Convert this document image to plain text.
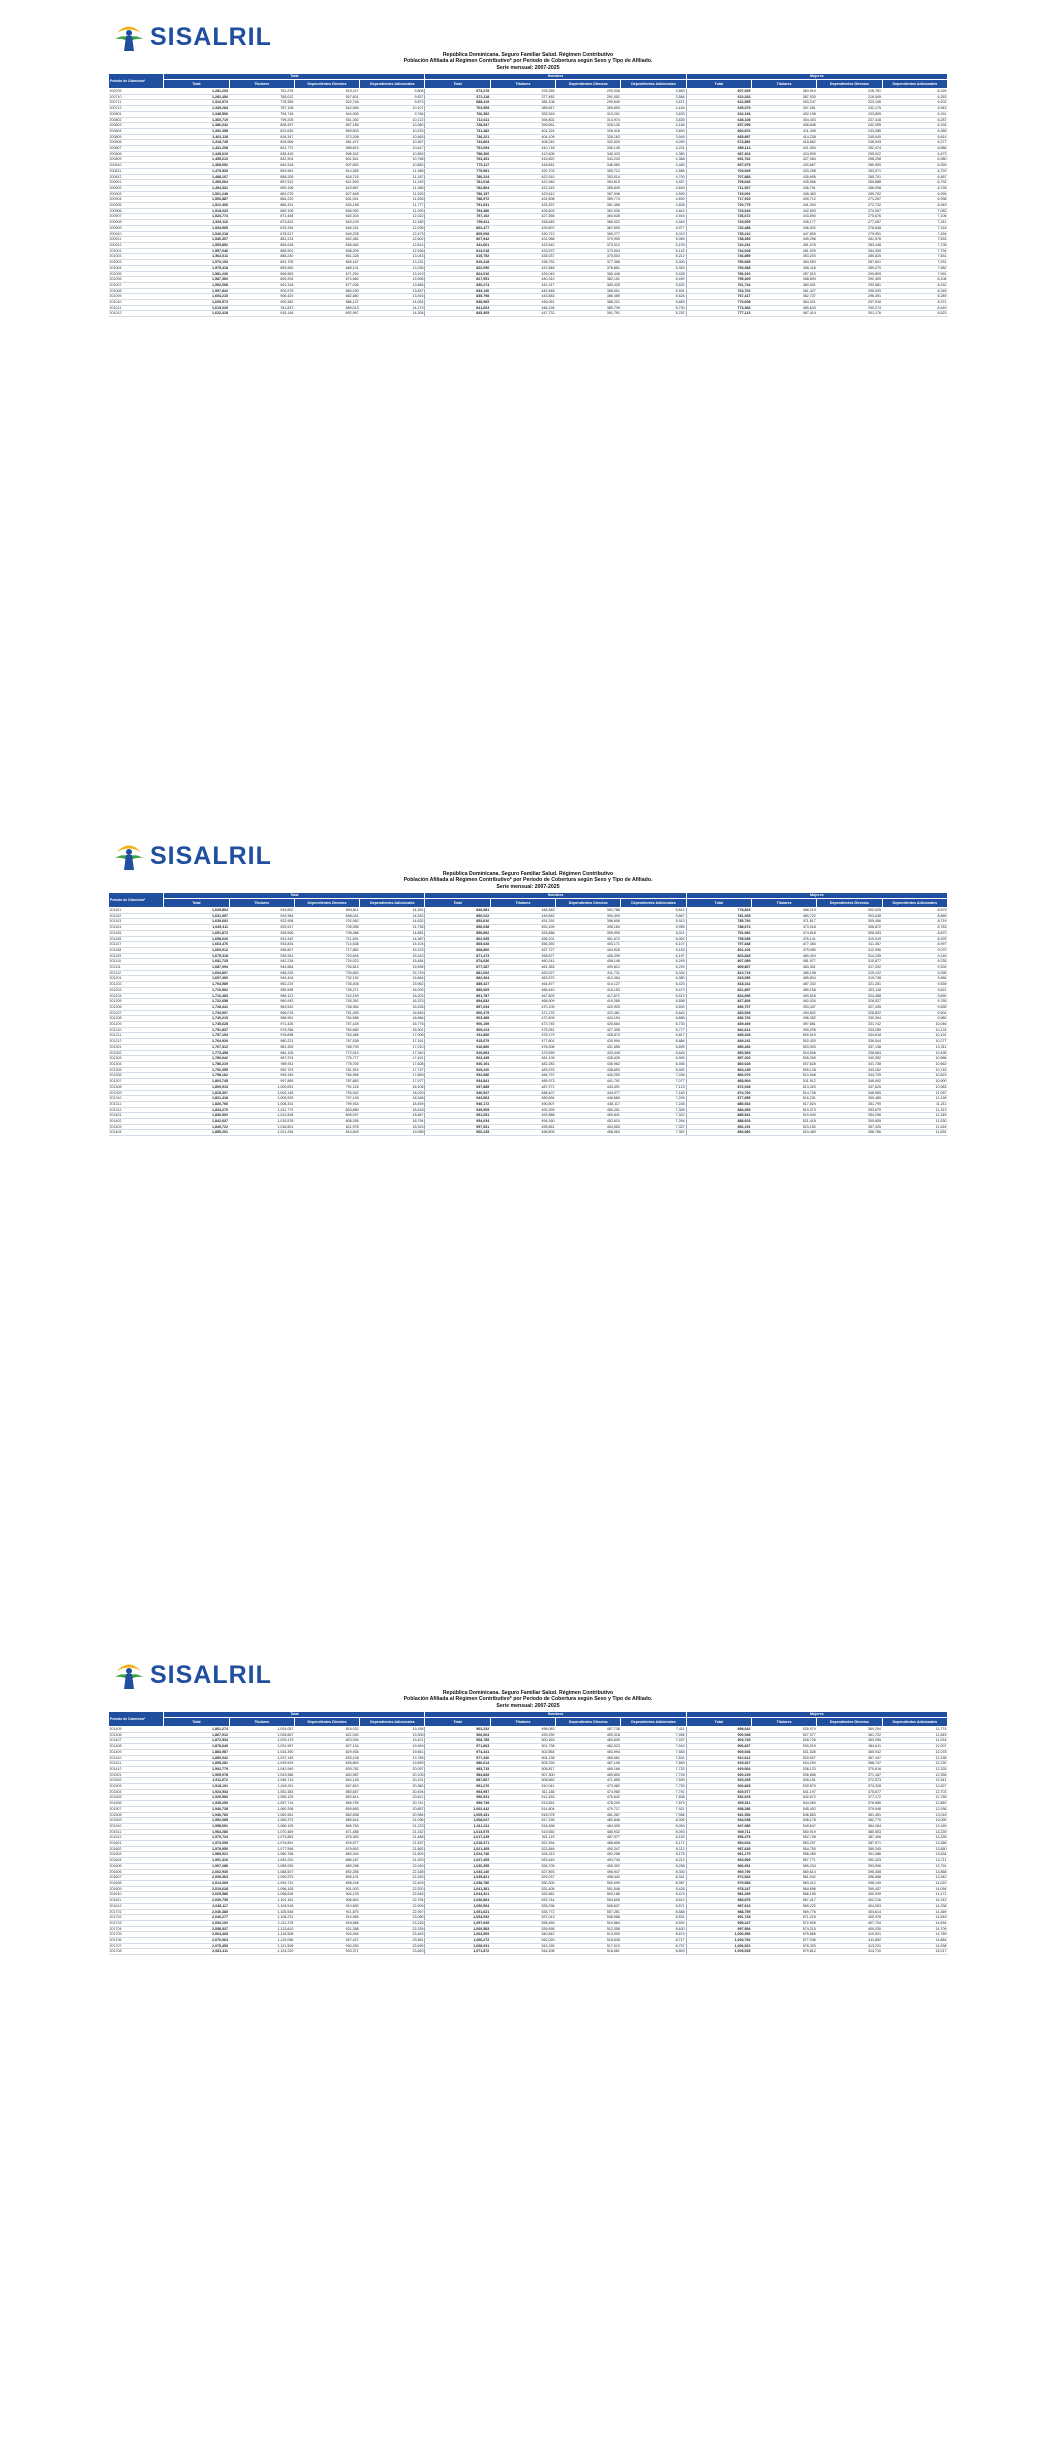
SISALRIL
República Dominicana. Seguro Familiar Salud. Régimen Contributivo
Población Afiliada al Régimen Contributivo* por Período de Cobertura según Sexo y Tipo de Afiliado.
Serie mensual: 2007-2025
Periodo de Cobertura*	Total				Hombres				Mujeres			
	Total	Titulares	Dependientes Directos	Dependientes Adicionales	Total	Titulares	Dependientes Directos	Dependientes Adicionales	Total	Titulares	Dependientes Directos	Dependientes Adicionales
200709	1,281,203	761,278	510,117	9,808	673,278	376,359	293,336	3,583	607,925	384,919	216,781	6,225
200710	1,282,450	765,012	507,601	9,837	672,118	377,482	291,052	3,584	610,332	387,530	216,549	6,253
200711	1,310,974	778,355	522,746	9,873	688,419	385,108	299,640	3,671	622,555	393,247	223,106	6,202
200712	1,339,284	787,108	542,069	10,107	703,905	389,847	309,894	4,164	635,379	397,261	232,175	5,943
200801	1,348,506	794,716	544,006	9,784	706,352	392,518	310,201	3,633	642,154	402,198	233,805	6,151
200802	1,360,719	799,205	551,392	10,122	712,611	394,802	313,974	3,835	648,108	404,403	237,418	6,287
200803	1,386,042	808,497	567,185	10,360	728,947	399,651	325,130	4,166	657,095	408,846	242,055	6,194
200804	1,392,358	812,630	569,503	10,225	731,482	401,224	326,418	3,840	660,876	411,406	243,085	6,385
200805	1,402,118	818,347	573,208	10,563	736,221	404,109	328,163	3,949	665,897	414,238	245,045	6,614
200806	1,418,745	826,906	581,472	10,367	744,863	408,244	332,529	4,090	673,882	418,662	248,943	6,277
200807	1,431,208	831,772	588,619	10,817	751,094	410,718	336,145	4,231	680,114	421,054	252,474	6,586
200808	1,445,610	838,415	596,342	10,853	758,306	413,506	340,420	4,380	687,304	424,909	255,922	6,473
200809	1,455,213	842,904	601,541	10,768	763,451	415,820	343,243	4,388	691,762	427,084	258,298	6,380
200810	1,468,092	849,318	607,892	10,882	770,117	418,651	346,983	4,483	697,975	430,667	260,909	6,399
200811	1,479,530	853,961	614,283	11,286	775,981	420,703	350,712	4,566	703,549	433,258	263,571	6,720
200812	1,488,107	858,205	618,715	11,187	780,224	422,510	353,014	4,700	707,883	435,695	265,701	6,487
200901	1,490,664	857,912	621,503	11,249	781,018	421,946	354,615	4,457	709,646	435,966	266,888	6,792
200902	1,494,331	859,106	623,857	11,368	782,804	422,315	355,849	4,640	711,527	436,791	268,008	6,728
200903	1,501,248	862,075	627,648	11,525	786,157	423,612	357,946	4,599	715,091	438,463	269,702	6,926
200904	1,506,887	864,220	631,041	11,626	788,972	424,508	359,774	4,690	717,915	439,712	271,267	6,936
200905	1,512,406	866,431	634,198	11,777	791,631	425,337	361,466	4,828	720,775	441,094	272,732	6,949
200906	1,518,023	869,106	636,992	11,925	794,380	426,603	362,935	4,842	723,643	442,503	274,057	7,083
200907	1,523,774	871,448	640,304	12,022	797,102	427,558	364,628	4,916	726,672	443,890	275,676	7,106
200908	1,529,116	873,822	643,109	12,185	799,611	428,645	366,022	4,944	729,505	445,177	277,087	7,241
200909	1,534,965	876,339	646,331	12,295	802,477	429,807	367,693	4,977	732,488	446,532	278,638	7,318
200910	1,540,218	878,517	649,228	12,473	805,008	430,712	369,277	5,019	735,210	447,805	279,951	7,454
200911	1,546,307	881,224	652,481	12,602	807,942	431,968	370,905	5,069	738,365	449,256	281,576	7,533
200912	1,553,892	884,618	656,460	12,814	811,661	433,540	373,012	5,109	742,231	451,078	283,448	7,705
201001	1,557,046	885,901	658,209	12,936	813,018	433,972	373,904	5,142	744,028	451,929	284,305	7,794
201002	1,562,611	888,240	661,328	13,043	815,752	435,037	375,503	5,212	746,859	453,203	285,825	7,831
201003	1,570,103	891,705	665,167	13,231	819,418	436,752	377,366	5,300	750,685	454,953	287,801	7,931
201004	1,575,418	893,962	668,121	13,335	822,050	437,846	378,851	5,353	753,368	456,116	289,270	7,982
201005	1,581,226	896,553	671,254	13,419	824,916	439,043	380,445	5,428	756,310	457,510	290,809	7,991
201006	1,587,360	899,204	674,560	13,596	827,951	440,310	382,151	5,490	759,409	458,894	292,409	8,106
201007	1,592,008	901,318	677,006	13,684	830,274	441,317	383,425	5,532	761,734	460,001	293,581	8,152
201008	1,597,842	903,975	680,030	13,837	833,140	442,548	385,001	5,591	764,702	461,427	295,029	8,246
201009	1,603,215	906,420	682,880	13,915	835,798	443,683	386,489	5,626	767,417	462,737	296,391	8,289
201010	1,609,573	909,382	686,137	14,054	838,965	445,061	388,221	5,683	770,608	464,321	297,916	8,371
201011	1,615,029	911,837	689,013	14,179	841,663	446,194	389,739	5,730	773,366	465,643	299,274	8,449
201012	1,622,418	915,146	692,967	14,305	845,305	447,732	391,791	5,782	777,113	467,414	301,176	8,523
SISALRIL
República Dominicana. Seguro Familiar Salud. Régimen Contributivo
Población Afiliada al Régimen Contributivo* por Período de Cobertura según Sexo y Tipo de Afiliado.
Serie mensual: 2007-2025
Periodo de Cobertura*	Total				Hombres				Mujeres			
	Total	Titulares	Dependientes Directos	Dependientes Adicionales	Total	Titulares	Dependientes Directos	Dependientes Adicionales	Total	Titulares	Dependientes Directos	Dependientes Adicionales
201101	1,625,804	916,602	694,811	14,391	846,981	448,383	392,786	5,812	778,823	468,219	302,025	8,579
201102	1,631,957	919,384	698,041	14,532	850,022	449,662	394,493	5,867	781,935	469,722	303,548	8,665
201103	1,639,602	922,908	702,062	14,632	853,810	451,291	396,606	5,913	785,792	471,617	305,456	8,719
201104	1,645,311	925,517	705,056	14,738	856,638	452,499	398,184	5,955	788,673	473,018	306,872	8,783
201105	1,651,873	928,506	708,486	14,881	859,892	453,888	399,993	6,011	791,981	474,618	308,493	8,870
201106	1,658,020	931,342	711,691	14,987	862,935	455,201	401,672	6,062	795,085	476,141	310,019	8,925
201107	1,663,476	933,834	714,538	15,104	865,628	456,350	403,171	6,107	797,848	477,484	311,367	8,997
201108	1,669,912	936,807	717,882	15,223	868,806	457,727	404,926	6,153	801,106	479,080	312,956	9,070
201109	1,675,318	939,281	720,694	15,343	871,473	458,877	406,399	6,197	803,845	480,404	314,295	9,146
201110	1,681,725	942,218	724,023	15,484	874,636	460,241	408,146	6,249	807,089	481,977	315,877	9,235
201111	1,687,094	944,684	726,814	15,596	877,287	461,383	409,612	6,292	809,807	483,301	317,202	9,304
201112	1,694,807	948,225	730,853	15,729	881,092	463,027	411,731	6,334	813,715	485,198	319,122	9,395
201201	1,697,460	949,404	732,192	15,864	882,404	463,570	412,454	6,380	815,056	485,834	319,738	9,484
201202	1,703,589	952,219	735,408	15,962	885,427	464,877	414,127	6,423	818,162	487,342	321,281	9,539
201203	1,710,962	955,598	739,271	16,093	889,065	466,440	416,153	6,472	821,897	489,158	323,118	9,621
201204	1,716,483	958,121	742,159	16,203	891,787	467,603	417,671	6,513	824,696	490,518	324,488	9,690
201205	1,722,658	960,943	745,392	16,323	894,832	468,909	419,365	6,558	827,826	492,034	326,027	9,765
201206	1,728,341	963,542	748,364	16,435	897,634	470,105	420,929	6,600	830,707	493,437	327,435	9,835
201207	1,733,907	966,078	751,283	16,546	900,379	471,276	422,461	6,642	833,528	494,802	328,822	9,904
201208	1,740,215	968,961	754,588	16,666	903,489	472,609	424,194	6,686	836,726	496,352	330,394	9,980
201209	1,745,628	971,426	757,426	16,776	906,159	473,745	425,684	6,730	839,469	497,681	331,742	10,046
201210	1,751,837	974,256	760,680	16,901	909,223	475,051	427,395	6,777	842,614	499,205	333,285	10,124
201211	1,757,194	976,698	763,488	17,008	911,866	476,179	428,870	6,817	845,328	500,519	334,618	10,191
201212	1,764,920	980,221	767,538	17,161	915,679	477,801	430,994	6,884	849,241	502,420	336,544	10,277
201301	1,767,312	981,309	768,793	17,210	916,860	478,306	431,655	6,899	850,452	503,003	337,138	10,311
201302	1,773,458	984,105	772,013	17,340	919,893	479,599	433,449	6,845	853,565	504,506	338,564	10,495
201303	1,780,642	987,374	775,777	17,491	923,439	481,109	435,425	6,905	857,203	506,265	340,352	10,586
201304	1,786,219	989,911	778,700	17,608	926,191	482,283	436,962	6,946	860,028	507,628	341,738	10,662
201305	1,792,355	992,703	781,915	17,737	929,220	483,575	438,653	6,992	863,135	509,128	343,262	10,745
201306	1,798,162	995,345	784,958	17,859	932,086	484,797	440,253	7,036	866,076	510,548	344,705	10,823
201307	1,803,745	997,885	787,883	17,977	934,841	485,973	441,791	7,077	868,904	511,912	346,092	10,900
201308	1,809,913	1,000,691	791,116	18,106	937,885	487,271	443,491	7,123	872,028	513,420	347,625	10,983
201309	1,815,307	1,003,145	793,942	18,220	940,547	488,407	444,977	7,163	874,760	514,738	348,965	11,057
201310	1,821,418	1,005,925	797,145	18,348	943,563	489,694	446,660	7,209	877,855	516,231	350,485	11,139
201311	1,826,706	1,008,331	799,916	18,459	946,172	490,807	448,117	7,248	880,534	517,524	351,799	11,211
201312	1,834,270	1,011,772	803,880	18,618	949,905	492,399	450,201	7,305	884,365	519,373	353,679	11,313
201401	1,836,592	1,012,828	805,097	18,667	951,051	492,888	450,841	7,322	885,541	519,940	354,256	11,345
201402	1,842,637	1,015,578	808,265	18,794	954,034	494,160	452,610	7,264	888,603	521,418	355,655	11,530
201403	1,849,722	1,018,801	811,978	18,943	957,531	495,651	454,553	7,327	892,191	523,150	357,425	11,616
201404	1,855,201	1,021,294	814,849	19,058	960,235	496,805	456,063	7,367	894,966	524,489	358,786	11,691
SISALRIL
República Dominicana. Seguro Familiar Salud. Régimen Contributivo
Población Afiliada al Régimen Contributivo* por Período de Cobertura según Sexo y Tipo de Afiliado.
Serie mensual: 2007-2025
Periodo de Cobertura*	Total				Hombres				Mujeres			
	Total	Titulares	Dependientes Directos	Dependientes Adicionales	Total	Titulares	Dependientes Directos	Dependientes Adicionales	Total	Titulares	Dependientes Directos	Dependientes Adicionales
201405	1,861,274	1,024,057	818,032	19,185	963,232	498,083	457,738	7,411	898,042	525,974	360,294	11,774
201406	1,867,012	1,026,667	821,040	19,305	966,064	499,290	459,318	7,456	900,948	527,377	361,722	11,849
201407	1,872,534	1,029,179	823,934	19,421	968,789	500,453	460,839	7,497	903,745	528,726	363,095	11,924
201408	1,878,640	1,031,957	827,134	19,549	971,803	501,738	462,523	7,542	906,837	530,219	364,611	12,007
201409	1,883,987	1,034,390	829,936	19,661	974,441	502,864	463,994	7,583	909,546	531,526	365,942	12,078
201410	1,890,042	1,037,145	833,108	19,789	977,430	504,138	465,661	7,631	912,612	533,007	367,447	12,158
201411	1,895,281	1,039,529	835,853	19,899	980,014	505,239	467,106	7,669	915,267	534,290	368,747	12,230
201412	1,902,779	1,042,940	839,782	20,057	983,715	506,817	469,166	7,732	919,064	536,123	370,616	12,325
201501	1,905,078	1,043,986	840,987	20,105	984,849	507,300	469,800	7,749	920,229	536,686	371,187	12,356
201502	1,911,072	1,046,713	844,128	20,231	987,807	508,562	471,555	7,690	923,265	538,151	372,573	12,541
201503	1,918,101	1,049,911	847,810	20,380	991,276	510,041	473,482	7,753	926,825	539,870	374,328	12,627
201504	1,923,534	1,052,383	850,657	20,494	993,957	511,186	474,980	7,791	929,577	541,197	375,677	12,703
201505	1,929,560	1,055,125	853,814	20,621	996,931	512,453	476,642	7,836	932,629	542,672	377,172	12,785
201506	1,935,250	1,057,714	856,795	20,741	999,739	513,651	478,209	7,879	935,511	544,063	378,586	12,862
201507	1,940,728	1,060,206	859,665	20,857	1,002,442	514,804	479,717	7,921	938,286	545,402	379,948	12,936
201508	1,946,783	1,062,961	862,838	20,984	1,005,431	516,078	481,387	7,966	941,352	546,883	381,451	13,018
201509	1,952,085	1,065,373	865,616	21,096	1,008,047	517,195	482,846	8,006	944,038	548,178	382,770	13,090
201510	1,958,091	1,068,105	868,763	21,223	1,011,011	518,458	484,499	8,054	947,080	549,647	384,264	13,169
201511	1,963,286	1,070,469	871,485	21,332	1,013,575	519,550	485,932	8,093	949,711	550,919	385,553	13,239
201512	1,970,724	1,073,853	875,383	21,488	1,017,245	521,115	487,977	8,153	953,479	552,738	387,406	13,335
201601	1,973,005	1,074,891	876,577	21,537	1,018,371	521,594	488,606	8,171	954,634	553,297	387,971	13,366
201602	1,978,950	1,077,596	879,692	21,662	1,021,305	522,846	490,347	8,112	957,645	554,750	389,345	13,550
201603	1,985,921	1,080,768	883,344	21,809	1,024,746	524,313	492,258	8,175	961,175	556,455	391,086	13,634
201604	1,991,310	1,083,220	886,167	21,923	1,027,405	525,449	493,744	8,212	963,905	557,771	392,423	13,711
201605	1,997,286	1,085,939	889,298	22,049	1,030,355	526,705	495,392	8,258	966,931	559,234	393,906	13,791
201606	2,002,930	1,088,507	892,255	22,168	1,033,140	527,893	496,947	8,300	969,790	560,614	395,308	13,868
201607	2,008,363	1,090,979	895,101	22,283	1,035,821	529,037	498,443	8,341	972,542	561,942	396,658	13,942
201608	2,014,369	1,093,712	898,248	22,409	1,038,786	530,300	500,099	8,387	975,583	563,412	398,149	14,022
201609	2,019,628	1,096,105	901,003	22,520	1,041,381	531,409	501,546	8,426	978,247	564,696	399,457	14,094
201610	2,025,586	1,098,816	904,125	22,645	1,044,321	532,661	503,186	8,474	981,265	566,155	400,939	14,171
201611	2,030,739	1,101,161	906,824	22,754	1,046,864	533,744	504,608	8,512	983,875	567,417	402,216	14,242
201612	2,038,117	1,104,518	910,690	22,909	1,050,504	535,296	506,637	8,571	987,613	569,222	404,053	14,338
201701	2,040,380	1,105,548	911,875	22,957	1,051,621	535,772	507,261	8,588	988,759	569,776	404,614	14,369
201702	2,046,277	1,108,231	914,966	23,080	1,054,532	537,013	508,988	8,531	991,745	571,218	405,978	14,549
201703	2,053,192	1,111,378	918,588	23,226	1,057,945	538,469	510,884	8,592	995,247	572,909	407,704	14,634
201704	2,058,537	1,113,810	921,388	23,339	1,060,583	539,595	512,358	8,630	997,954	574,215	409,030	14,709
201705	2,064,465	1,116,508	924,494	23,463	1,063,509	540,842	513,993	8,674	1,000,956	575,666	410,501	14,789
201706	2,070,064	1,119,056	927,427	23,581	1,066,272	542,020	515,535	8,717	1,003,792	577,036	411,892	14,864
201707	2,075,453	1,121,508	930,250	23,695	1,068,931	543,155	517,019	8,757	1,006,522	578,353	413,231	14,938
201708	2,081,411	1,124,220	933,371	23,820	1,071,872	544,408	518,661	8,803	1,009,539	579,812	414,710	15,017
